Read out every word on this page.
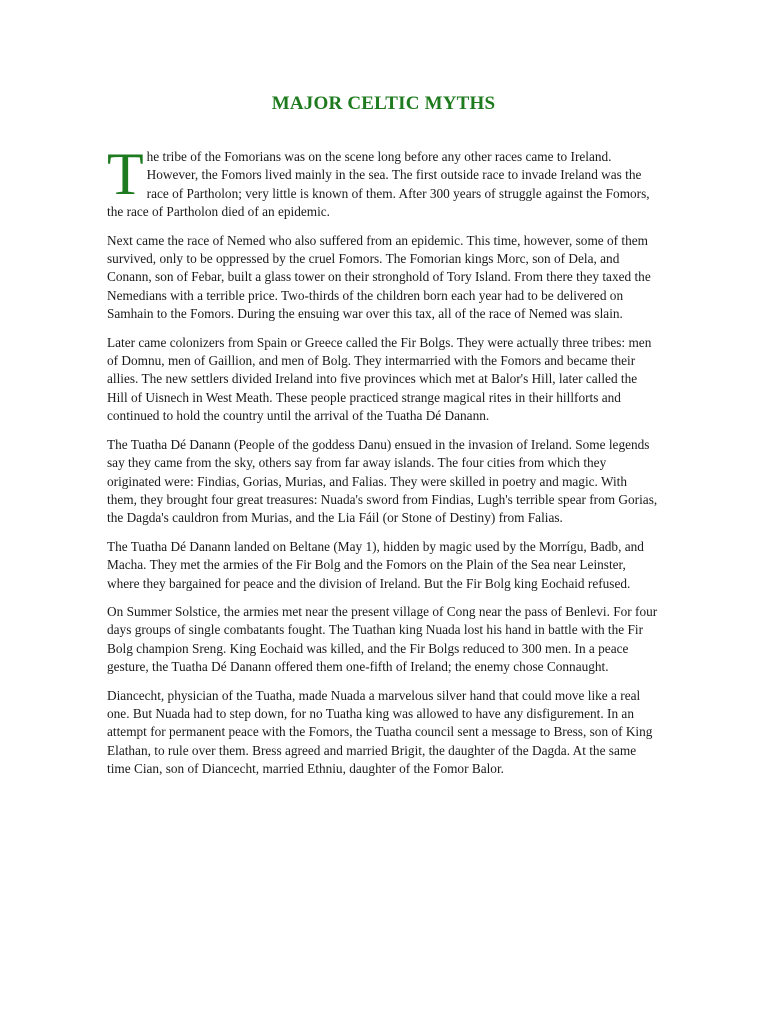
MAJOR CELTIC MYTHS

The tribe of the Fomorians was on the scene long before any other races came to Ireland. However, the Fomors lived mainly in the sea. The first outside race to invade Ireland was the race of Partholon; very little is known of them. After 300 years of struggle against the Fomors, the race of Partholon died of an epidemic.

Next came the race of Nemed who also suffered from an epidemic. This time, however, some of them survived, only to be oppressed by the cruel Fomors. The Fomorian kings Morc, son of Dela, and Conann, son of Febar, built a glass tower on their stronghold of Tory Island. From there they taxed the Nemedians with a terrible price. Two-thirds of the children born each year had to be delivered on Samhain to the Fomors. During the ensuing war over this tax, all of the race of Nemed was slain.

Later came colonizers from Spain or Greece called the Fir Bolgs. They were actually three tribes: men of Domnu, men of Gaillion, and men of Bolg. They intermarried with the Fomors and became their allies. The new settlers divided Ireland into five provinces which met at Balor's Hill, later called the Hill of Uisnech in West Meath. These people practiced strange magical rites in their hillforts and continued to hold the country until the arrival of the Tuatha Dé Danann.

The Tuatha Dé Danann (People of the goddess Danu) ensued in the invasion of Ireland. Some legends say they came from the sky, others say from far away islands. The four cities from which they originated were: Findias, Gorias, Murias, and Falias. They were skilled in poetry and magic. With them, they brought four great treasures: Nuada's sword from Findias, Lugh's terrible spear from Gorias, the Dagda's cauldron from Murias, and the Lia Fáil (or Stone of Destiny) from Falias.

The Tuatha Dé Danann landed on Beltane (May 1), hidden by magic used by the Morrígu, Badb, and Macha. They met the armies of the Fir Bolg and the Fomors on the Plain of the Sea near Leinster, where they bargained for peace and the division of Ireland. But the Fir Bolg king Eochaid refused.

On Summer Solstice, the armies met near the present village of Cong near the pass of Benlevi. For four days groups of single combatants fought. The Tuathan king Nuada lost his hand in battle with the Fir Bolg champion Sreng. King Eochaid was killed, and the Fir Bolgs reduced to 300 men. In a peace gesture, the Tuatha Dé Danann offered them one-fifth of Ireland; the enemy chose Connaught.

Diancecht, physician of the Tuatha, made Nuada a marvelous silver hand that could move like a real one. But Nuada had to step down, for no Tuatha king was allowed to have any disfigurement. In an attempt for permanent peace with the Fomors, the Tuatha council sent a message to Bress, son of King Elathan, to rule over them. Bress agreed and married Brigit, the daughter of the Dagda. At the same time Cian, son of Diancecht, married Ethniu, daughter of the Fomor Balor.
